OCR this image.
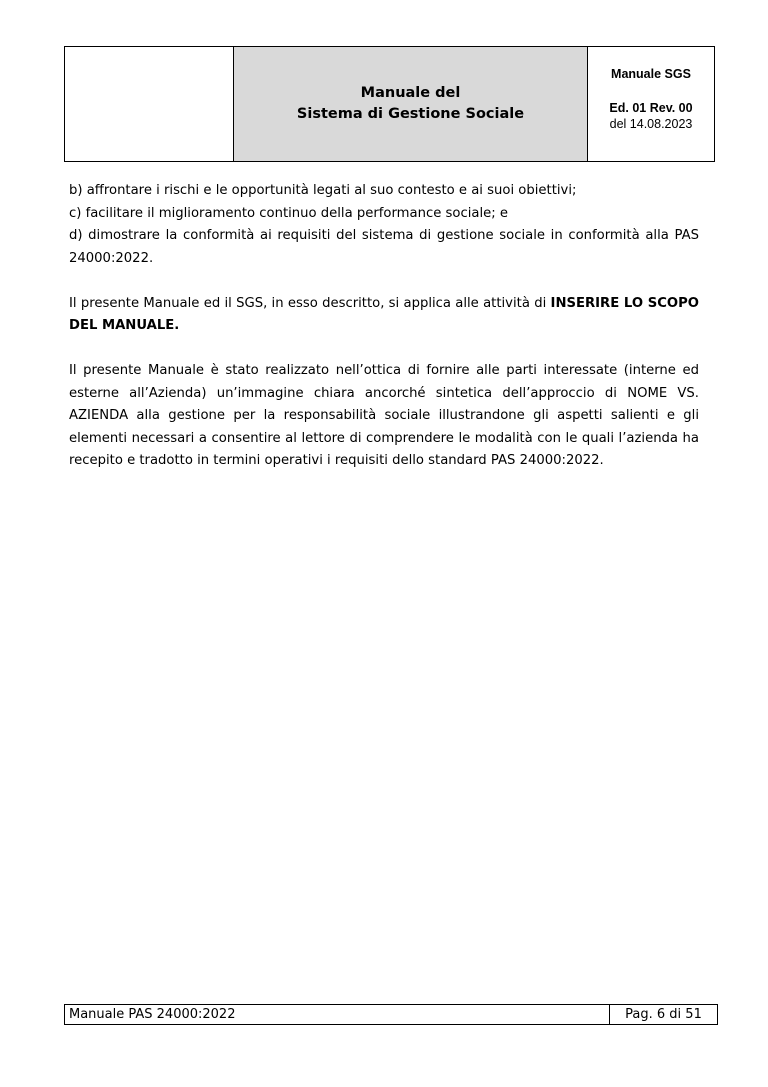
Manuale del
Sistema di Gestione Sociale
Manuale SGS
Ed. 01 Rev. 00
del 14.08.2023

b) affrontare i rischi e le opportunità legati al suo contesto e ai suoi obiettivi;

c) facilitare il miglioramento continuo della performance sociale; e

d) dimostrare la conformità ai requisiti del sistema di gestione sociale in conformità alla PAS 24000:2022.

Il presente Manuale ed il SGS, in esso descritto, si applica alle attività di INSERIRE LO SCOPO DEL MANUALE.

Il presente Manuale è stato realizzato nell’ottica di fornire alle parti interessate (interne ed esterne all’Azienda) un’immagine chiara ancorché sintetica dell’approccio di NOME VS. AZIENDA alla gestione per la responsabilità sociale illustrandone gli aspetti salienti e gli elementi necessari a consentire al lettore di comprendere le modalità con le quali l’azienda ha recepito e tradotto in termini operativi i requisiti dello standard PAS 24000:2022.

Manuale PAS 24000:2022	Pag. 6 di 51
